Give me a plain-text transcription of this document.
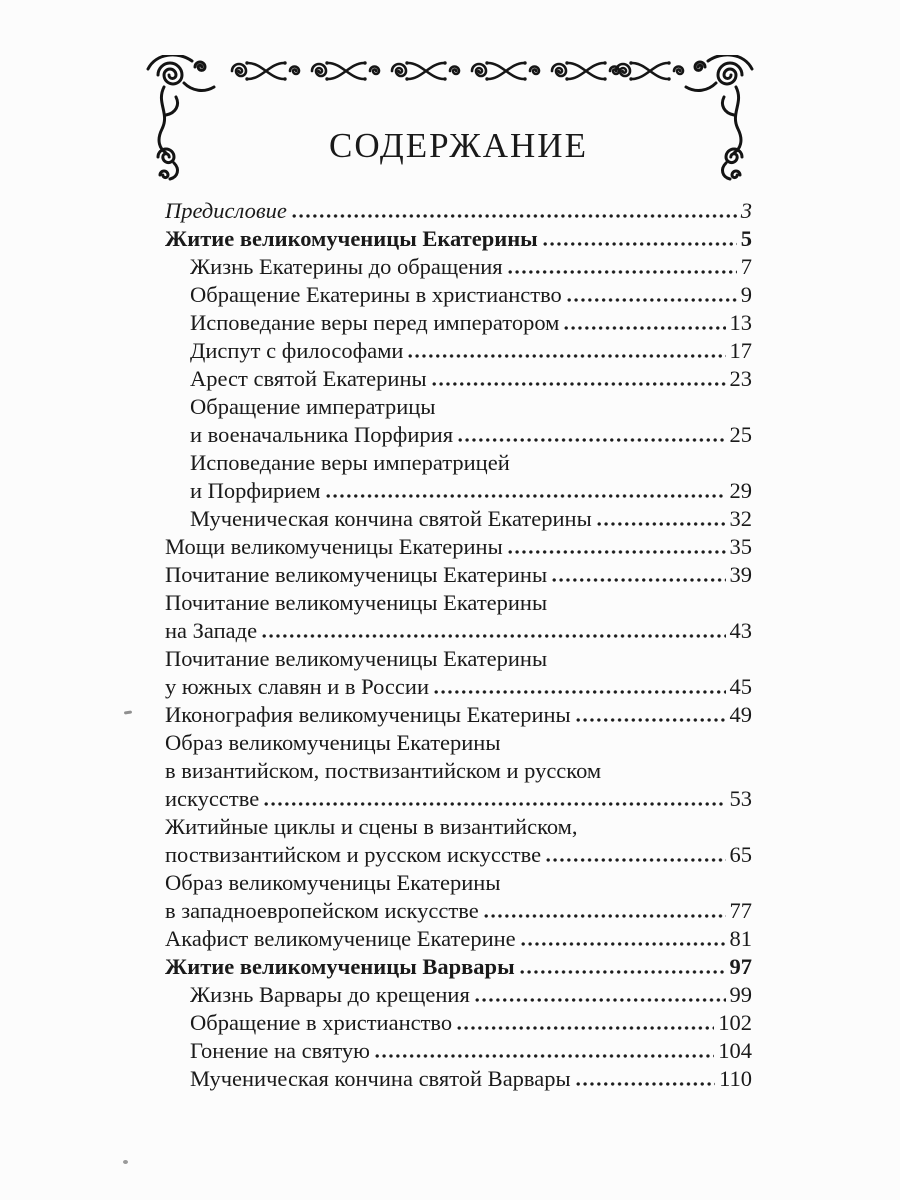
СОДЕРЖАНИЕ
Предисловие	3
Житие великомученицы Екатерины	5
Жизнь Екатерины до обращения	7
Обращение Екатерины в христианство	9
Исповедание веры перед императором	13
Диспут с философами	17
Арест святой Екатерины	23
Обращение императрицы
и военачальника Порфирия	25
Исповедание веры императрицей
и Порфирием	29
Мученическая кончина святой Екатерины	32
Мощи великомученицы Екатерины	35
Почитание великомученицы Екатерины	39
Почитание великомученицы Екатерины
на Западе	43
Почитание великомученицы Екатерины
у южных славян и в России	45
Иконография великомученицы Екатерины	49
Образ великомученицы Екатерины
в византийском, поствизантийском и русском
искусстве	53
Житийные циклы и сцены в византийском,
поствизантийском и русском искусстве	65
Образ великомученицы Екатерины
в западноевропейском искусстве	77
Акафист великомученице Екатерине	81
Житие великомученицы Варвары	97
Жизнь Варвары до крещения	99
Обращение в христианство	102
Гонение на святую	104
Мученическая кончина святой Варвары	110
